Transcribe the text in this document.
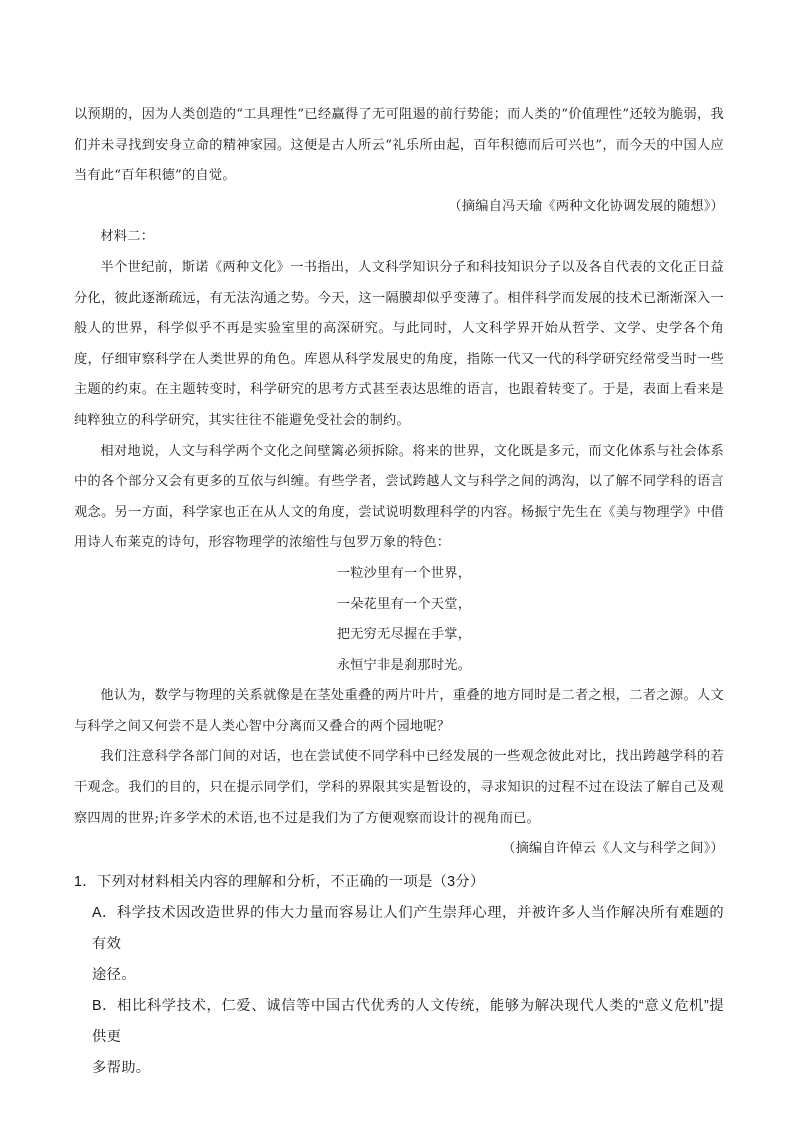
以预期的，因为人类创造的“工具理性”已经赢得了无可阻遏的前行势能；而人类的“价值理性”还较为脆弱，我们并未寻找到安身立命的精神家园。这便是古人所云“礼乐所由起，百年积德而后可兴也”，而今天的中国人应当有此“百年积德”的自觉。

（摘编自冯天瑜《两种文化协调发展的随想》）

材料二：

半个世纪前，斯诺《两种文化》一书指出，人文科学知识分子和科技知识分子以及各自代表的文化正日益分化，彼此逐渐疏远，有无法沟通之势。今天，这一隔膜却似乎变薄了。相伴科学而发展的技术已渐渐深入一般人的世界，科学似乎不再是实验室里的高深研究。与此同时，人文科学界开始从哲学、文学、史学各个角度，仔细审察科学在人类世界的角色。库恩从科学发展史的角度，指陈一代又一代的科学研究经常受当时一些主题的约束。在主题转变时，科学研究的思考方式甚至表达思维的语言，也跟着转变了。于是，表面上看来是纯粹独立的科学研究，其实往往不能避免受社会的制约。

相对地说，人文与科学两个文化之间壁篱必须拆除。将来的世界，文化既是多元，而文化体系与社会体系中的各个部分又会有更多的互依与纠缠。有些学者，尝试跨越人文与科学之间的鸿沟，以了解不同学科的语言观念。另一方面，科学家也正在从人文的角度，尝试说明数理科学的内容。杨振宁先生在《美与物理学》中借用诗人布莱克的诗句，形容物理学的浓缩性与包罗万象的特色：

一粒沙里有一个世界，
一朵花里有一个天堂，
把无穷无尽握在手掌，
永恒宁非是刹那时光。

他认为，数学与物理的关系就像是在茎处重叠的两片叶片，重叠的地方同时是二者之根，二者之源。人文与科学之间又何尝不是人类心智中分离而又叠合的两个园地呢？

我们注意科学各部门间的对话，也在尝试使不同学科中已经发展的一些观念彼此对比，找出跨越学科的若干观念。我们的目的，只在提示同学们，学科的界限其实是暂设的，寻求知识的过程不过在设法了解自己及观察四周的世界;许多学术的术语,也不过是我们为了方便观察而设计的视角而已。

（摘编自许倬云《人文与科学之间》）

1．下列对材料相关内容的理解和分析，不正确的一项是（3分）

A．科学技术因改造世界的伟大力量而容易让人们产生崇拜心理，并被许多人当作解决所有难题的有效

途径。

B．相比科学技术，仁爱、诚信等中国古代优秀的人文传统，能够为解决现代人类的“意义危机”提供更

多帮助。
